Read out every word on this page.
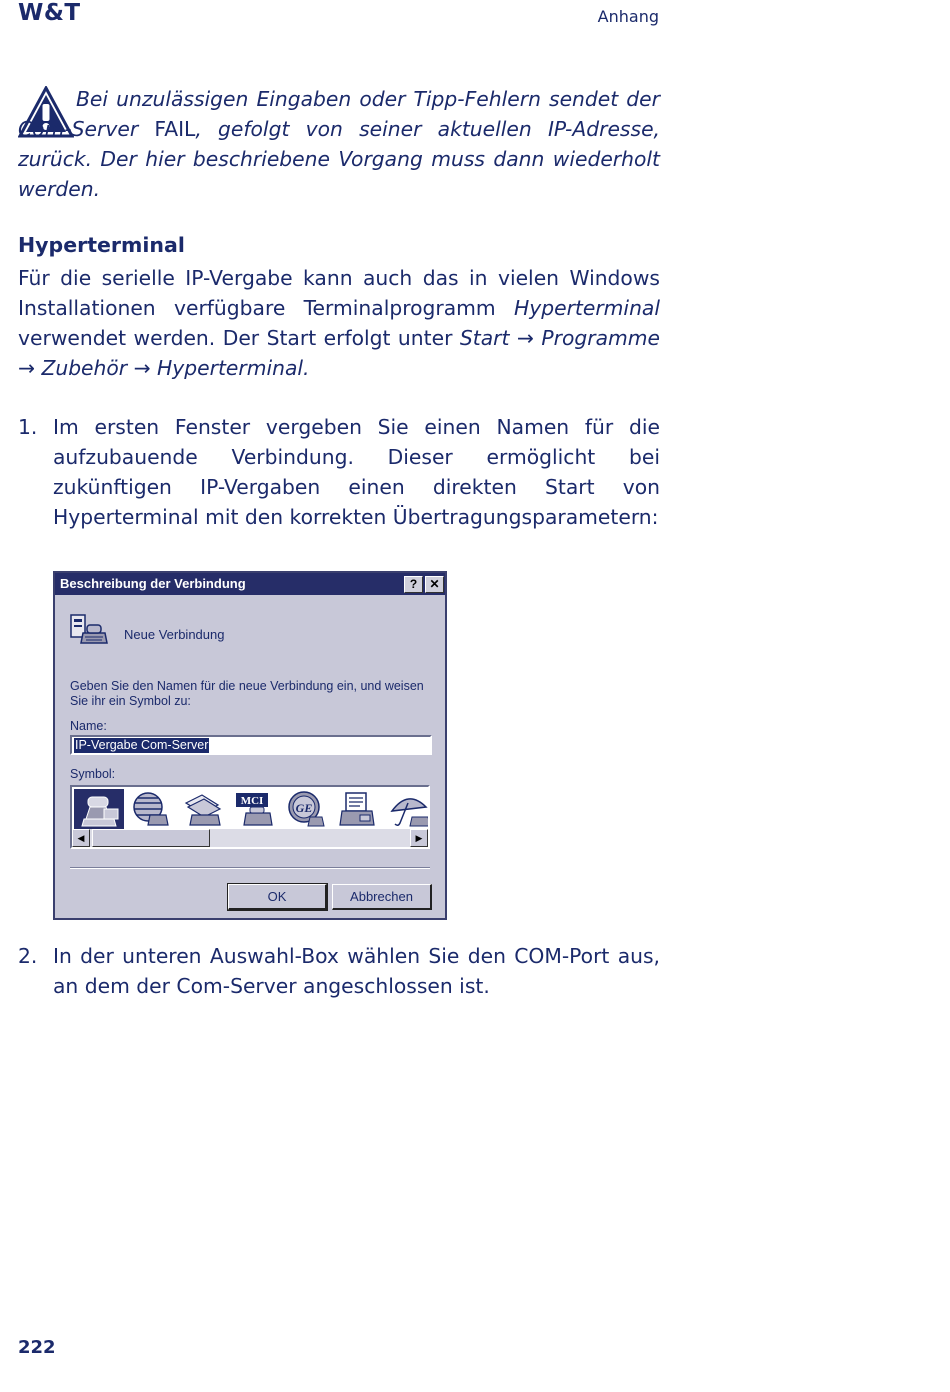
W&T	Anhang
Bei unzulässigen Eingaben oder Tipp-Fehlern sendet der Com-Server FAIL, gefolgt von seiner aktuellen IP-Adresse, zurück. Der hier beschriebene Vorgang muss dann wiederholt werden.
Hyperterminal
Für die serielle IP-Vergabe kann auch das in vielen Windows Installationen verfügbare Terminalprogramm Hyperterminal verwendet werden. Der Start erfolgt unter Start → Programme → Zubehör → Hyperterminal.
1. Im ersten Fenster vergeben Sie einen Namen für die aufzubauende Verbindung. Dieser ermöglicht bei zukünftigen IP-Vergaben einen direkten Start von Hyperterminal mit den korrekten Übertragungsparametern:
Beschreibung der Verbindung	?	✕
Neue Verbindung
Geben Sie den Namen für die neue Verbindung ein, und weisen Sie ihr ein Symbol zu:
Name:
IP-Vergabe Com-Server
Symbol:
MCI	GE
◀	▶
OK	Abbrechen
2. In der unteren Auswahl-Box wählen Sie den COM-Port aus, an dem der Com-Server angeschlossen ist.
222
